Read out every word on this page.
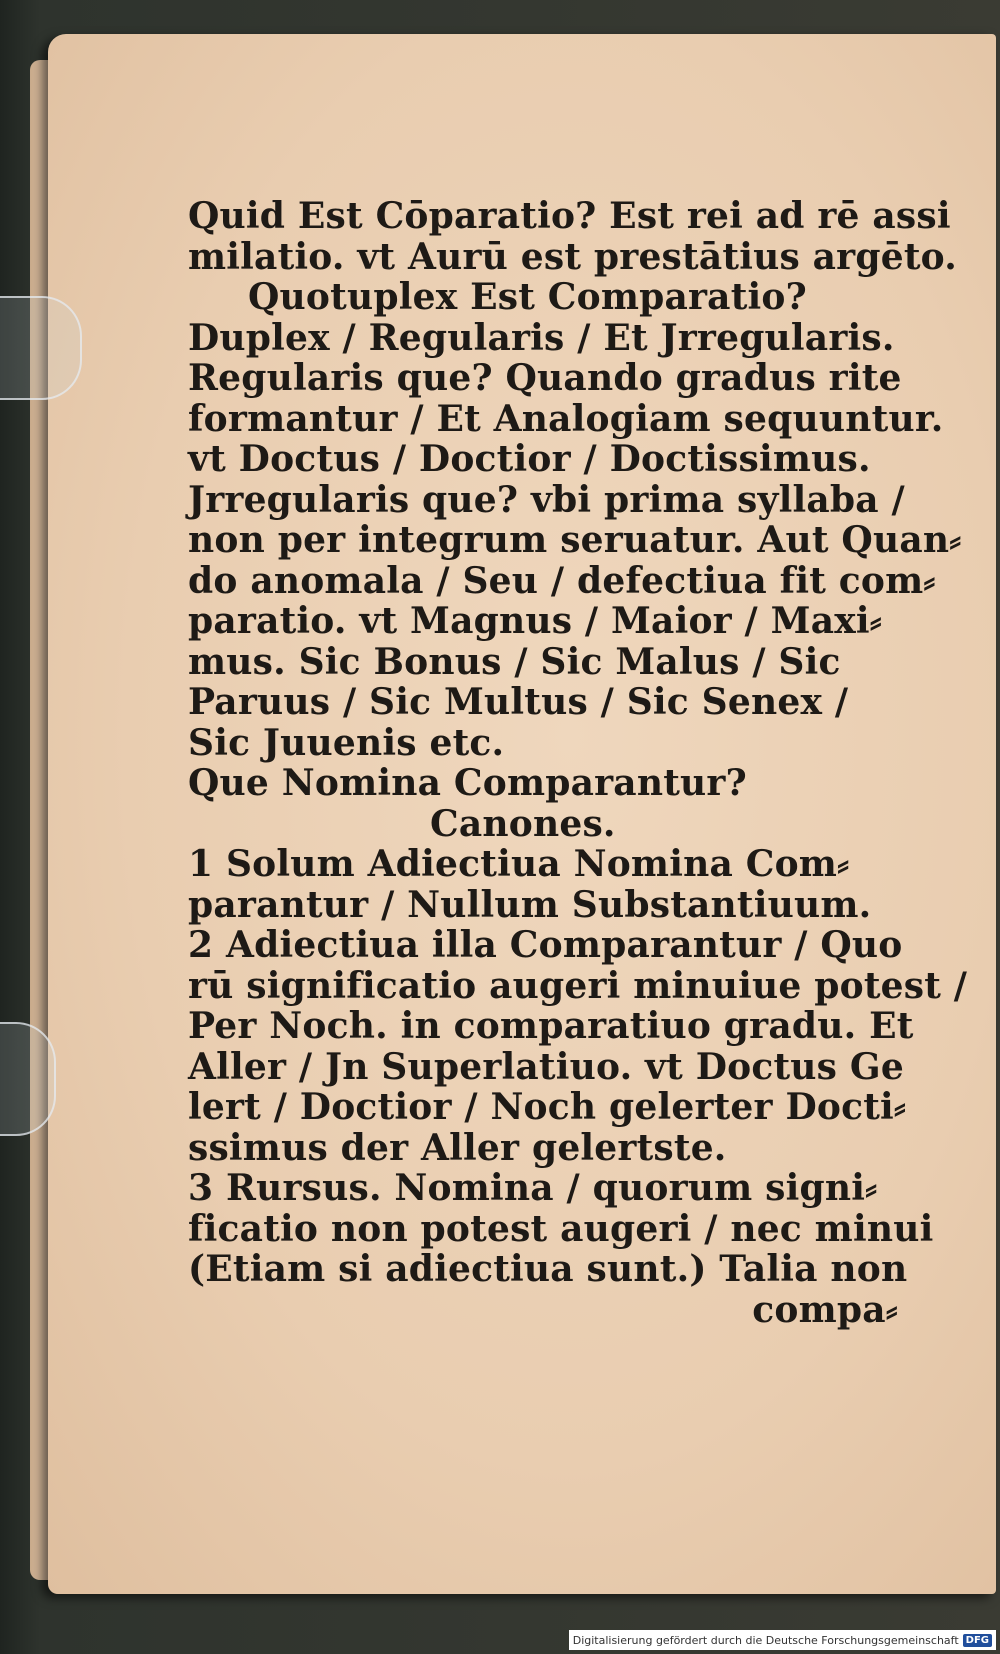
Quid Est Cōparatio? Est rei ad rē assi
milatio. vt Aurū est prestātius argēto.
Quotuplex Est Comparatio?
Duplex / Regularis / Et Jrregularis.
Regularis que? Quando gradus rite
formantur / Et Analogiam sequuntur.
vt Doctus / Doctior / Doctissimus.
Jrregularis que? vbi prima syllaba /
non per integrum seruatur. Aut Quan⸗
do anomala / Seu / defectiua fit com⸗
paratio. vt Magnus / Maior / Maxi⸗
mus. Sic Bonus / Sic Malus / Sic
Paruus / Sic Multus / Sic Senex /
Sic Juuenis etc.
Que Nomina Comparantur?
Canones.
1 Solum Adiectiua Nomina Com⸗
parantur / Nullum Substantiuum.
2 Adiectiua illa Comparantur / Quo
rū significatio augeri minuiue potest /
Per Noch. in comparatiuo gradu. Et
Aller / Jn Superlatiuo. vt Doctus Ge
lert / Doctior / Noch gelerter Docti⸗
ssimus der Aller gelertste.
3 Rursus. Nomina / quorum signi⸗
ficatio non potest augeri / nec minui
(Etiam si adiectiua sunt.) Talia non
compa⸗
Digitalisierung gefördert durch die Deutsche Forschungsgemeinschaft DFG
